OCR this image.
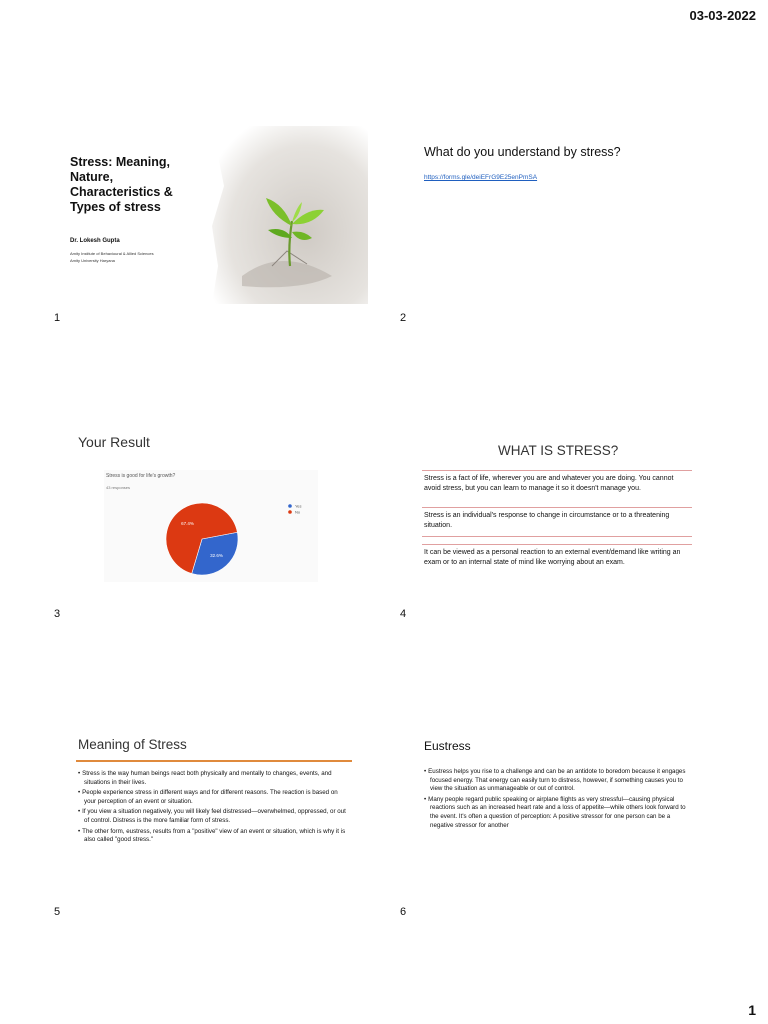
03-03-2022
1
Stress: Meaning, Nature, Characteristics & Types of stress
Dr. Lokesh Gupta
Amity Institute of Behavioural & Allied Sciences
Amity University Haryana
1
What do you understand by stress?
https://forms.gle/deiEFrG9E25enPmSA
2
Your Result
Stress is good for life's growth?
43 responses
32.6%
67.4%
Yes
No
3
WHAT IS STRESS?
Stress is a fact of life, wherever you are and whatever you are doing. You cannot avoid stress, but you can learn to manage it so it doesn't manage you.
Stress is an individual's response to change in circumstance or to a threatening situation.
It can be viewed as a personal reaction to an external event/demand like writing an exam or to an internal state of mind like worrying about an exam.
4
Meaning of Stress
• Stress is the way human beings react both physically and mentally to changes, events, and situations in their lives.
• People experience stress in different ways and for different reasons. The reaction is based on your perception of an event or situation.
• If you view a situation negatively, you will likely feel distressed—overwhelmed, oppressed, or out of control. Distress is the more familiar form of stress.
• The other form, eustress, results from a "positive" view of an event or situation, which is why it is also called "good stress."
5
Eustress
• Eustress helps you rise to a challenge and can be an antidote to boredom because it engages focused energy. That energy can easily turn to distress, however, if something causes you to view the situation as unmanageable or out of control.
• Many people regard public speaking or airplane flights as very stressful—causing physical reactions such as an increased heart rate and a loss of appetite—while others look forward to the event. It's often a question of perception: A positive stressor for one person can be a negative stressor for another
6
